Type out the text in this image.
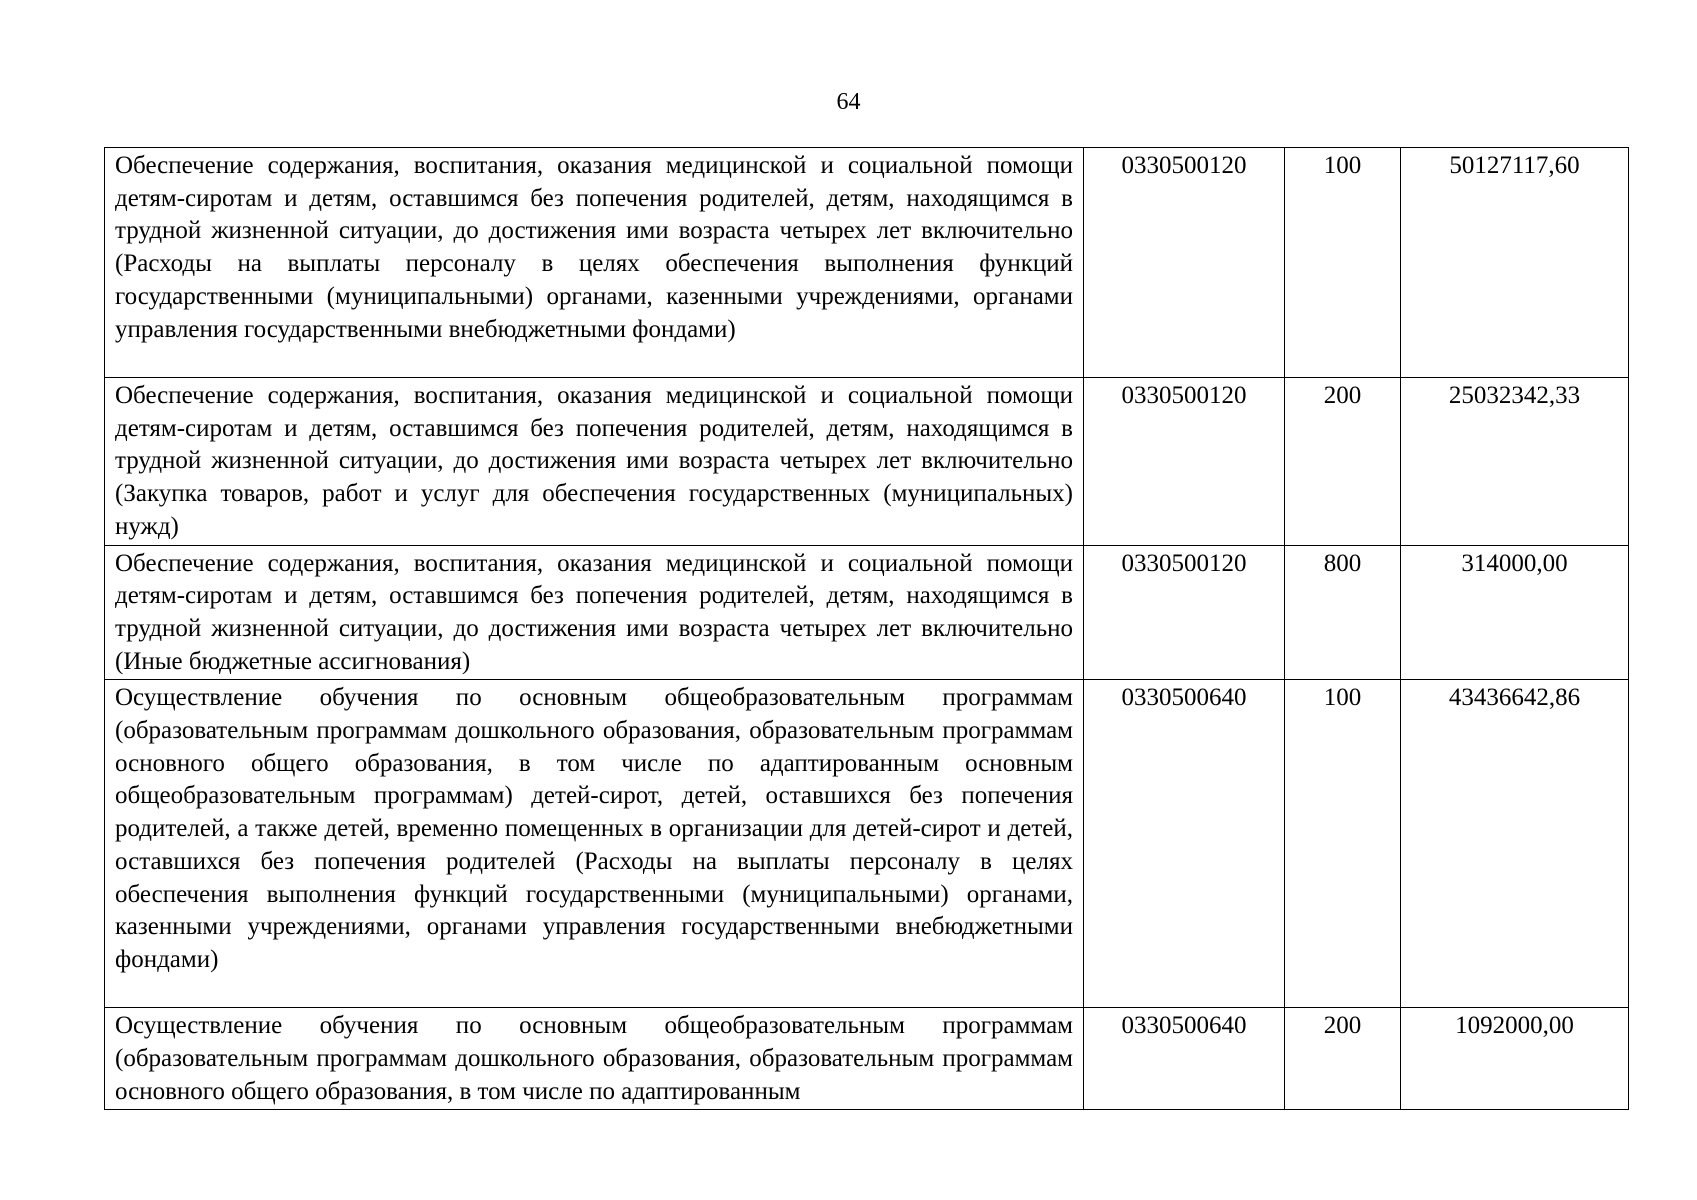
64
Обеспечение содержания, воспитания, оказания медицинской и социальной помощи детям-сиротам и детям, оставшимся без попечения родителей, детям, находящимся в трудной жизненной ситуации, до достижения ими возраста четырех лет включительно (Расходы на выплаты персоналу в целях обеспечения выполнения функций государственными (муниципальными) органами, казенными учреждениями, органами управления государственными внебюджетными фондами)	0330500120	100	50127117,60
Обеспечение содержания, воспитания, оказания медицинской и социальной помощи детям-сиротам и детям, оставшимся без попечения родителей, детям, находящимся в трудной жизненной ситуации, до достижения ими возраста четырех лет включительно (Закупка товаров, работ и услуг для обеспечения государственных (муниципальных) нужд)	0330500120	200	25032342,33
Обеспечение содержания, воспитания, оказания медицинской и социальной помощи детям-сиротам и детям, оставшимся без попечения родителей, детям, находящимся в трудной жизненной ситуации, до достижения ими возраста четырех лет включительно (Иные бюджетные ассигнования)	0330500120	800	314000,00
Осуществление обучения по основным общеобразовательным программам (образовательным программам дошкольного образования, образовательным программам основного общего образования, в том числе по адаптированным основным общеобразовательным программам) детей-сирот, детей, оставшихся без попечения родителей, а также детей, временно помещенных в организации для детей-сирот и детей, оставшихся без попечения родителей (Расходы на выплаты персоналу в целях обеспечения выполнения функций государственными (муниципальными) органами, казенными учреждениями, органами управления государственными внебюджетными фондами)	0330500640	100	43436642,86
Осуществление обучения по основным общеобразовательным программам (образовательным программам дошкольного образования, образовательным программам основного общего образования, в том числе по адаптированным	0330500640	200	1092000,00
